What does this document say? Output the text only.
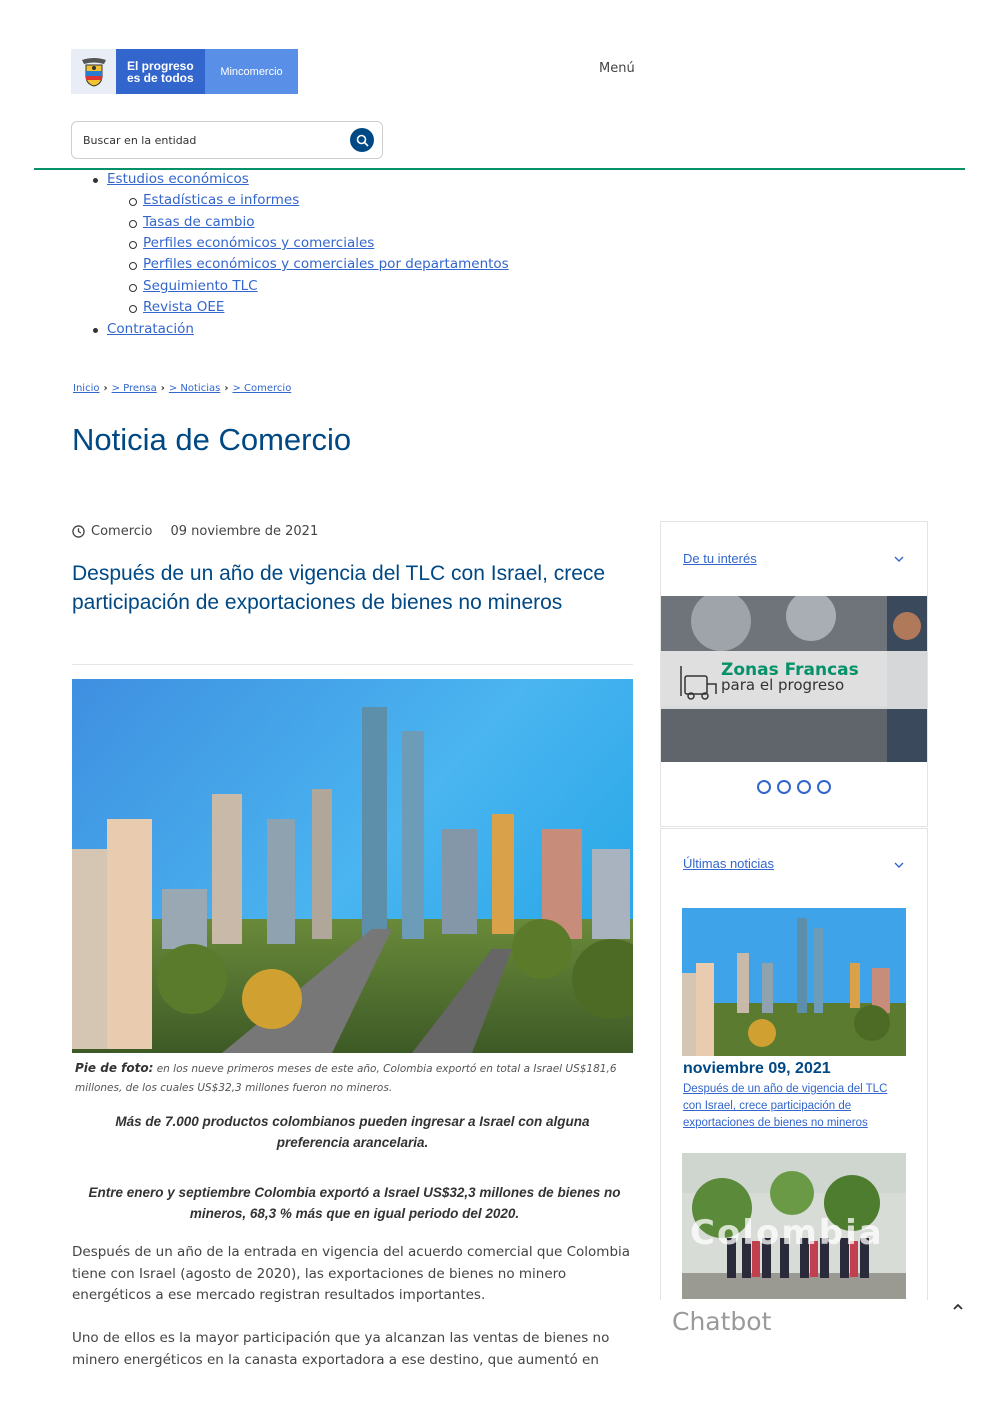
El progreso
es de todos	Mincomercio	Menú
Buscar en la entidad
Estudios económicos
Estadísticas e informes
Tasas de cambio
Perfiles económicos y comerciales
Perfiles económicos y comerciales por departamentos
Seguimiento TLC
Revista OEE
Contratación
Inicio › > Prensa › > Noticias › > Comercio
Noticia de Comercio
Comercio 09 noviembre de 2021
Después de un año de vigencia del TLC con Israel, crece participación de exportaciones de bienes no mineros
Pie de foto: en los nueve primeros meses de este año, Colombia exportó en total a Israel US$181,6 millones, de los cuales US$32,3 millones fueron no mineros.

Más de 7.000 productos colombianos pueden ingresar a Israel con alguna preferencia arancelaria.

Entre enero y septiembre Colombia exportó a Israel US$32,3 millones de bienes no mineros, 68,3 % más que en igual periodo del 2020.

Después de un año de la entrada en vigencia del acuerdo comercial que Colombia tiene con Israel (agosto de 2020), las exportaciones de bienes no minero energéticos a ese mercado registran resultados importantes.

Uno de ellos es la mayor participación que ya alcanzan las ventas de bienes no minero energéticos en la canasta exportadora a ese destino, que aumentó en

De tu interés
Zonas Francas
para el progreso
Últimas noticias
noviembre 09, 2021
Después de un año de vigencia del TLC con Israel, crece participación de exportaciones de bienes no mineros
Colombia
Chatbot
